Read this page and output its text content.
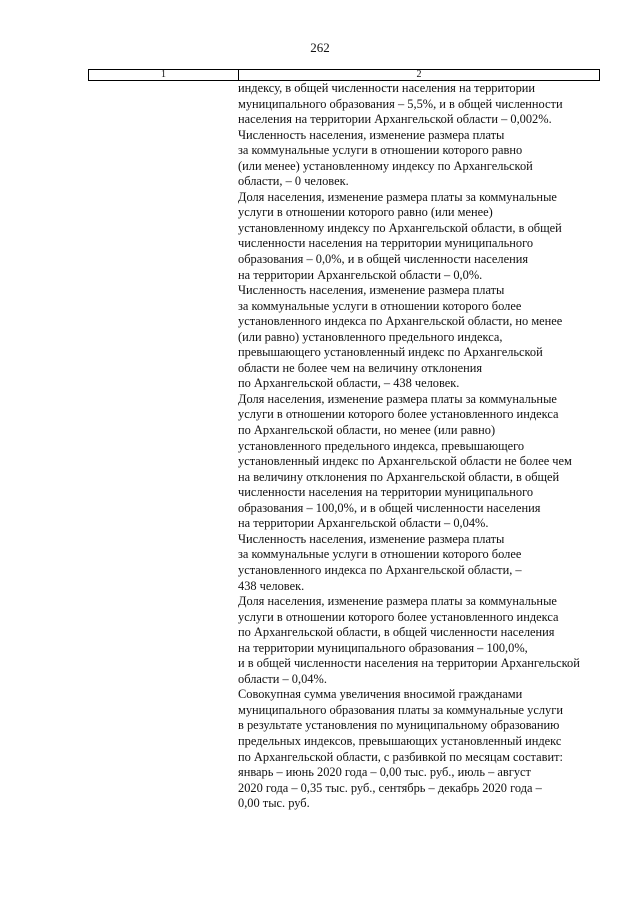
262
1	2
индексу, в общей численности населения на территории
муниципального образования – 5,5%, и в общей численности
населения на территории Архангельской области – 0,002%.
Численность населения, изменение размера платы
за коммунальные услуги в отношении которого равно
(или менее) установленному индексу по Архангельской
области, – 0 человек.
Доля населения, изменение размера платы за коммунальные
услуги в отношении которого равно (или менее)
установленному индексу по Архангельской области, в общей
численности населения на территории муниципального
образования – 0,0%, и в общей численности населения
на территории Архангельской области – 0,0%.
Численность населения, изменение размера платы
за коммунальные услуги в отношении которого более
установленного индекса по Архангельской области, но менее
(или равно) установленного предельного индекса,
превышающего установленный индекс по Архангельской
области не более чем на величину отклонения
по Архангельской области, – 438 человек.
Доля населения, изменение размера платы за коммунальные
услуги в отношении которого более установленного индекса
по Архангельской области, но менее (или равно)
установленного предельного индекса, превышающего
установленный индекс по Архангельской области не более чем
на величину отклонения по Архангельской области, в общей
численности населения на территории муниципального
образования – 100,0%, и в общей численности населения
на территории Архангельской области – 0,04%.
Численность населения, изменение размера платы
за коммунальные услуги в отношении которого более
установленного индекса по Архангельской области, –
438 человек.
Доля населения, изменение размера платы за коммунальные
услуги в отношении которого более установленного индекса
по Архангельской области, в общей численности населения
на территории муниципального образования – 100,0%,
и в общей численности населения на территории Архангельской
области – 0,04%.
Совокупная сумма увеличения вносимой гражданами
муниципального образования платы за коммунальные услуги
в результате установления по муниципальному образованию
предельных индексов, превышающих установленный индекс
по Архангельской области, с разбивкой по месяцам составит:
январь – июнь 2020 года – 0,00 тыс. руб., июль – август
2020 года – 0,35 тыс. руб., сентябрь – декабрь 2020 года –
0,00 тыс. руб.
